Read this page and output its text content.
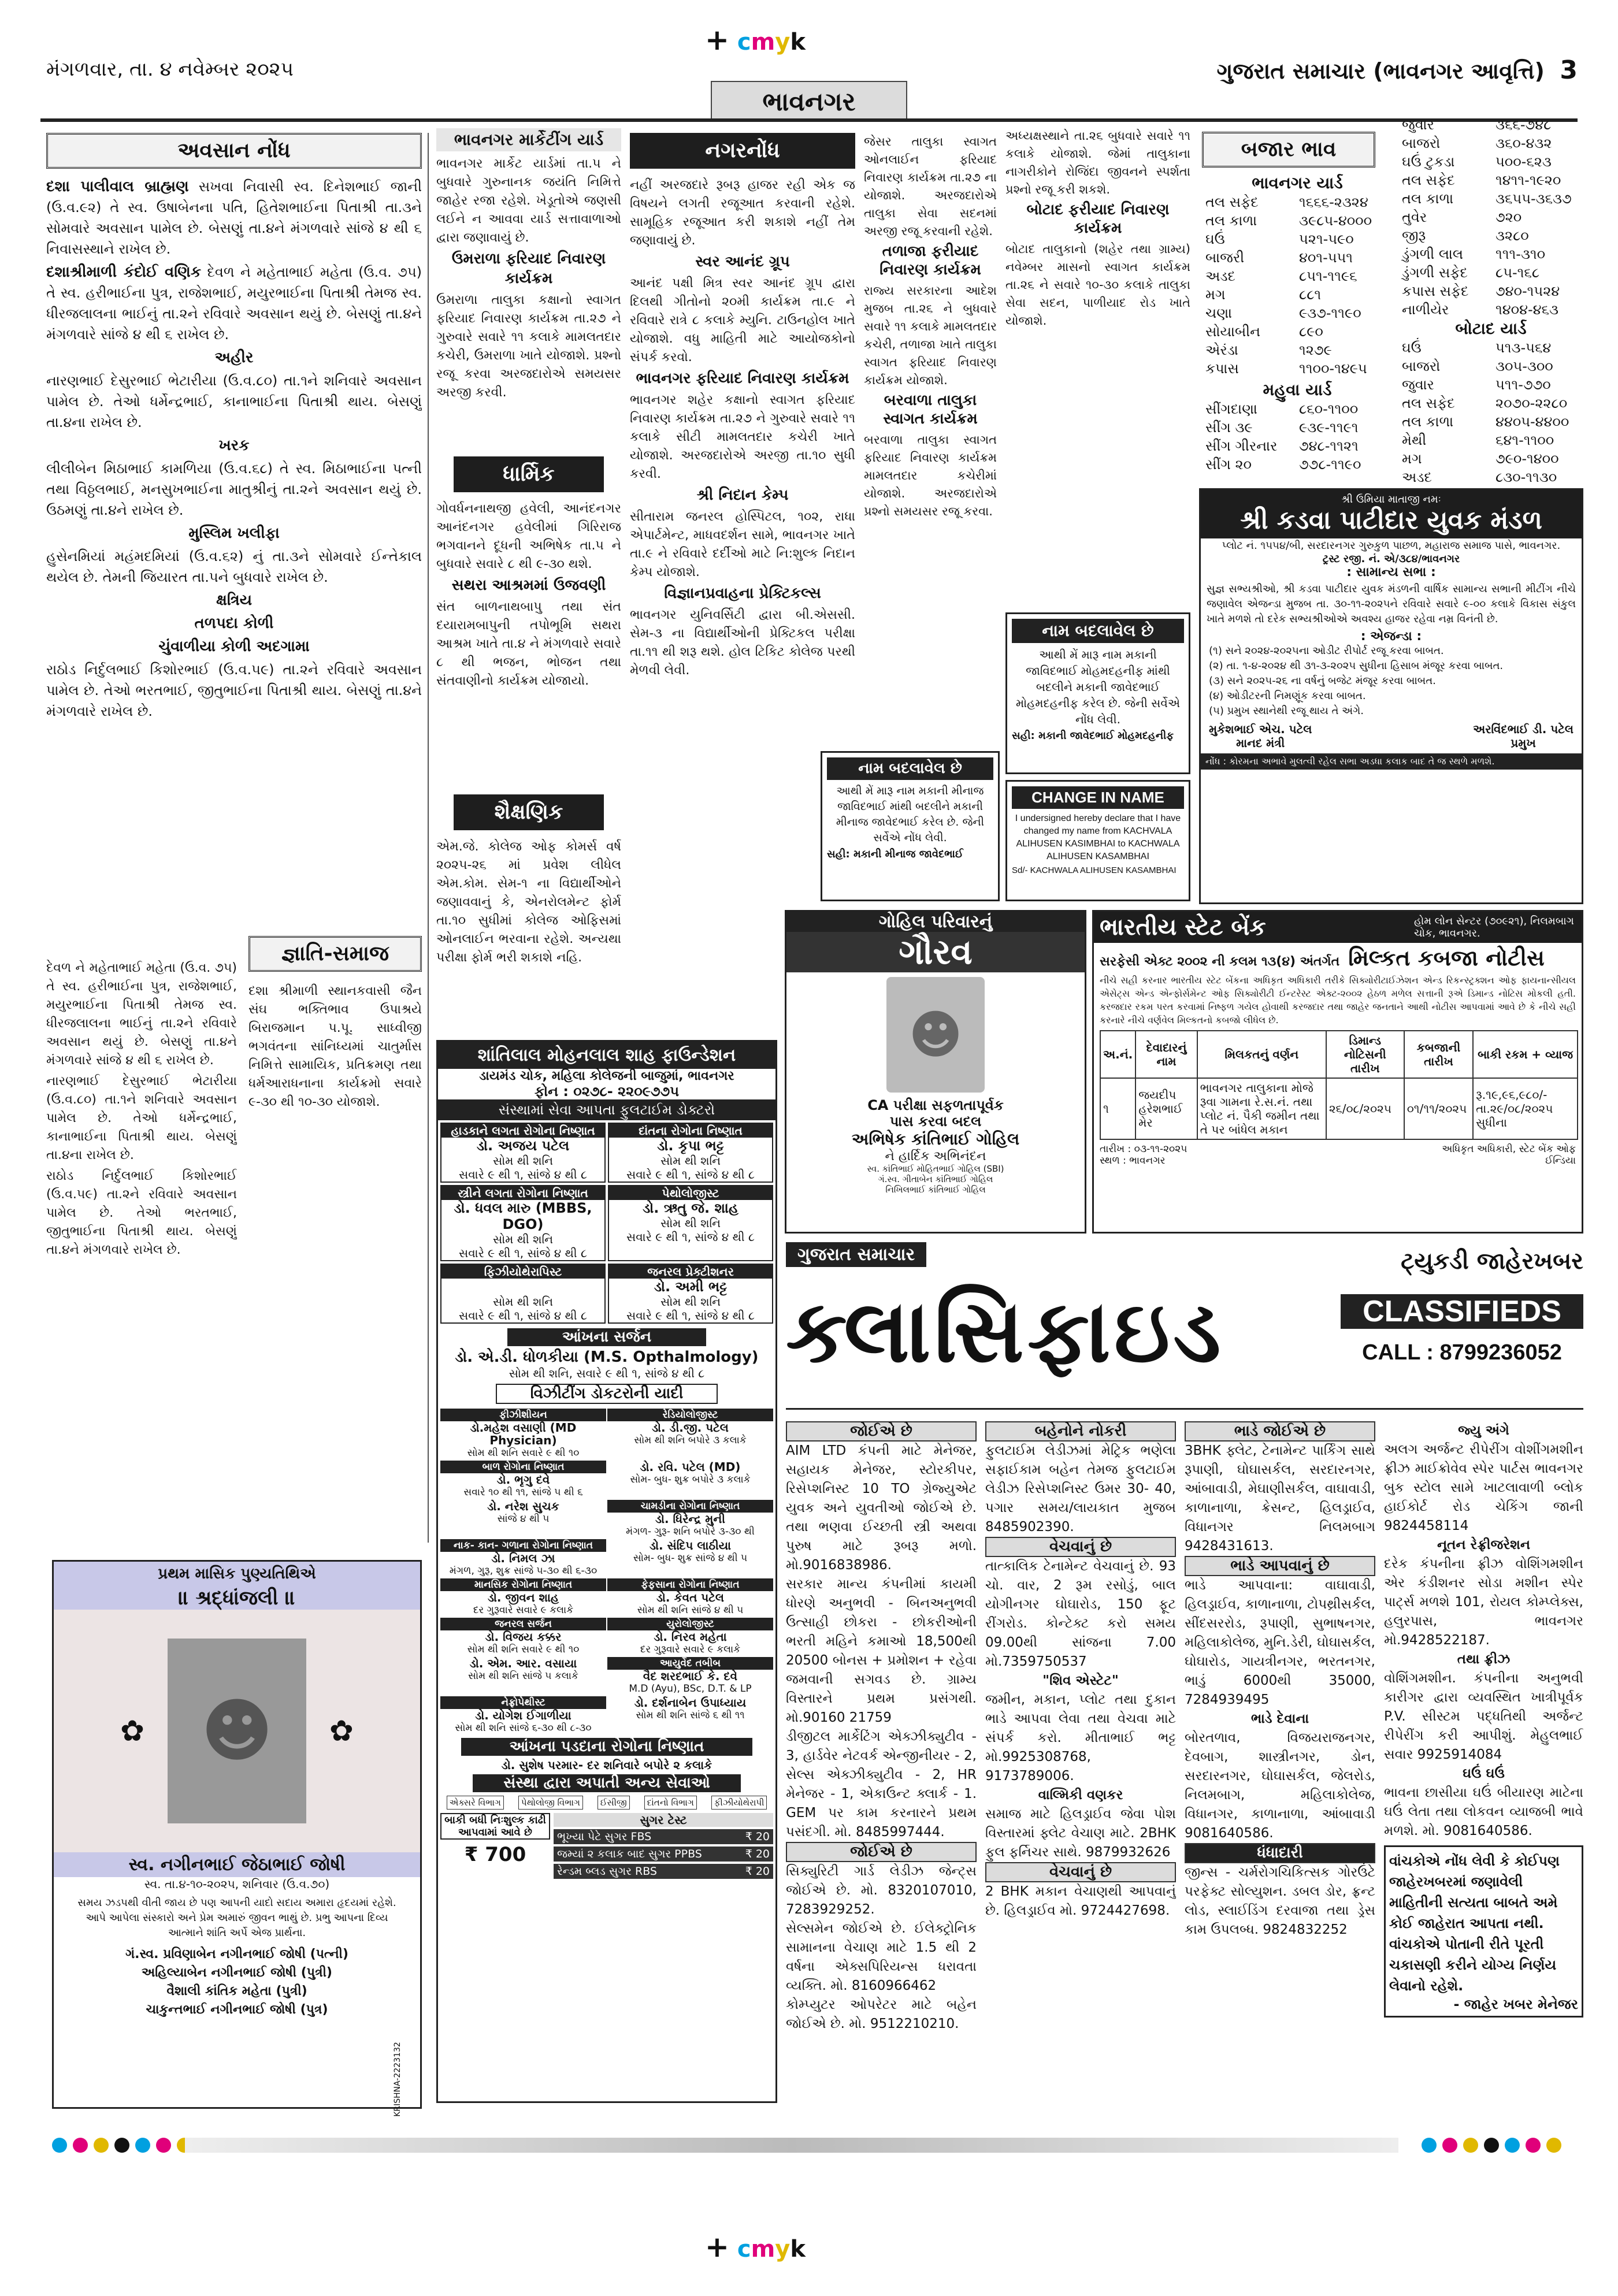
+ cmyk
મંગળવાર, તા. ૪ નવેમ્બર ૨૦૨૫	ગુજરાત સમાચાર (ભાવનગર આવૃત્તિ) 3
ભાવનગર
અવસાન નોંધ

દશા પાલીવાલ બ્રાહ્મણ સખવા નિવાસી સ્વ. દિનેશભાઈ જાની (ઉ.વ.૯૨) તે સ્વ. ઉષાબેનના પતિ, હિતેશભાઈના પિતાશ્રી તા.૩ને સોમવારે અવસાન પામેલ છે. બેસણું તા.૪ને મંગળવારે સાંજે ૪ થી ૬ નિવાસસ્થાને રાખેલ છે.

દશાશ્રીમાળી કંદોઈ વણિક દેવળ ને મહેતાભાઈ મહેતા (ઉ.વ. ૭૫) તે સ્વ. હરીભાઈના પુત્ર, રાજેશભાઈ, મયુરભાઈના પિતાશ્રી તેમજ સ્વ. ધીરજલાલના ભાઈનું તા.૨ને રવિવારે અવસાન થયું છે. બેસણું તા.૪ને મંગળવારે સાંજે ૪ થી ૬ રાખેલ છે.

અહીર

નારણભાઈ દેસુરભાઈ ભેટારીયા (ઉ.વ.૮૦) તા.૧ને શનિવારે અવસાન પામેલ છે. તેઓ ધર્મેન્દ્રભાઈ, કાનાભાઈના પિતાશ્રી થાય. બેસણું તા.૪ના રાખેલ છે.

ખરક

લીલીબેન મિઠાભાઈ કામળિયા (ઉ.વ.૬૮) તે સ્વ. મિઠાભાઈના પત્ની તથા વિઠ્ઠલભાઈ, મનસુખભાઈના માતુશ્રીનું તા.૨ને અવસાન થયું છે. ઉઠમણું તા.૪ને રાખેલ છે.

મુસ્લિમ ખલીફા

હુસેનમિયાં મહંમદમિયાં (ઉ.વ.૬૨) નું તા.૩ને સોમવારે ઈન્તેકાલ થયેલ છે. તેમની જિયારત તા.૫ને બુધવારે રાખેલ છે.

ક્ષત્રિય

તળપદા કોળી

ચુંવાળીયા કોળી અદગામા

રાઠોડ નિર્દુલભાઈ કિશોરભાઈ (ઉ.વ.૫૯) તા.૨ને રવિવારે અવસાન પામેલ છે. તેઓ ભરતભાઈ, જીતુભાઈના પિતાશ્રી થાય. બેસણું તા.૪ને મંગળવારે રાખેલ છે.

જ્ઞાતિ-સમાજ

દશા શ્રીમાળી સ્થાનકવાસી જૈન સંઘ ભક્તિભાવ ઉપાશ્રયે બિરાજમાન પ.પૂ. સાધ્વીજી ભગવંતના સાંનિધ્યમાં ચાતુર્માસ નિમિત્તે સામાયિક, પ્રતિક્રમણ તથા ધર્મઆરાધનાના કાર્યક્રમો સવારે ૯-૩૦ થી ૧૦-૩૦ યોજાશે.

દેવળ ને મહેતાભાઈ મહેતા (ઉ.વ. ૭૫) તે સ્વ. હરીભાઈના પુત્ર, રાજેશભાઈ, મયુરભાઈના પિતાશ્રી તેમજ સ્વ. ધીરજલાલના ભાઈનું તા.૨ને રવિવારે અવસાન થયું છે. બેસણું તા.૪ને મંગળવારે સાંજે ૪ થી ૬ રાખેલ છે.

નારણભાઈ દેસુરભાઈ ભેટારીયા (ઉ.વ.૮૦) તા.૧ને શનિવારે અવસાન પામેલ છે. તેઓ ધર્મેન્દ્રભાઈ, કાનાભાઈના પિતાશ્રી થાય. બેસણું તા.૪ના રાખેલ છે.

રાઠોડ નિર્દુલભાઈ કિશોરભાઈ (ઉ.વ.૫૯) તા.૨ને રવિવારે અવસાન પામેલ છે. તેઓ ભરતભાઈ, જીતુભાઈના પિતાશ્રી થાય. બેસણું તા.૪ને મંગળવારે રાખેલ છે.

ભાવનગર માર્કેટીંગ યાર્ડ

ભાવનગર માર્કેટ યાર્ડમાં તા.૫ ને બુધવારે ગુરુનાનક જયંતિ નિમિત્તે જાહેર રજા રહેશે. ખેડૂતોએ જણસી લઈને ન આવવા યાર્ડ સત્તાવાળાઓ દ્વારા જણાવાયું છે.

ઉમરાળા ફરિયાદ નિવારણ કાર્યક્રમ

ઉમરાળા તાલુકા કક્ષાનો સ્વાગત ફરિયાદ નિવારણ કાર્યક્રમ તા.૨૭ ને ગુરુવારે સવારે ૧૧ કલાકે મામલતદાર કચેરી, ઉમરાળા ખાતે યોજાશે. પ્રશ્નો રજૂ કરવા અરજદારોએ સમયસર અરજી કરવી.

ધાર્મિક

ગોવર્ધનનાથજી હવેલી, આનંદનગર આનંદનગર હવેલીમાં ગિરિરાજ ભગવાનને દૂધની અભિષેક તા.૫ ને બુધવારે સવારે ૮ થી ૯-૩૦ થશે.

સથરા આશ્રમમાં ઉજવણી

સંત બાળનાથબાપુ તથા સંત દયારામબાપુની તપોભૂમિ સથરા આશ્રમ ખાતે તા.૪ ને મંગળવારે સવારે ૮ થી ભજન, ભોજન તથા સંતવાણીનો કાર્યક્રમ યોજાયો.

શૈક્ષણિક

એમ.જે. કોલેજ ઓફ કોમર્સ વર્ષ ૨૦૨૫-૨૬ માં પ્રવેશ લીધેલ એમ.કોમ. સેમ-૧ ના વિદ્યાર્થીઓને જણાવવાનું કે, એનરોલમેન્ટ ફોર્મ તા.૧૦ સુધીમાં કોલેજ ઓફિસમાં ઓનલાઈન ભરવાના રહેશે. અન્યથા પરીક્ષા ફોર્મ ભરી શકાશે નહિ.

નગરનોંધ

નહીં અરજદારે રૂબરૂ હાજર રહી એક જ વિષયને લગતી રજૂઆત કરવાની રહેશે. સામૂહિક રજૂઆત કરી શકાશે નહીં તેમ જણાવાયું છે.

સ્વર આનંદ ગ્રૂપ

આનંદ પક્ષી મિત્ર સ્વર આનંદ ગ્રૂપ દ્વારા દિલથી ગીતોનો ૨૦મી કાર્યક્રમ તા.૯ ને રવિવારે રાત્રે ૮ કલાકે મ્યુનિ. ટાઉનહોલ ખાતે યોજાશે. વધુ માહિતી માટે આયોજકોનો સંપર્ક કરવો.

ભાવનગર ફરિયાદ નિવારણ કાર્યક્રમ

ભાવનગર શહેર કક્ષાનો સ્વાગત ફરિયાદ નિવારણ કાર્યક્રમ તા.૨૭ ને ગુરુવારે સવારે ૧૧ કલાકે સીટી મામલતદાર કચેરી ખાતે યોજાશે. અરજદારોએ અરજી તા.૧૦ સુધી કરવી.

શ્રી નિદાન કેમ્પ

સીતારામ જનરલ હોસ્પિટલ, ૧૦૨, રાધા એપાર્ટમેન્ટ, માધવદર્શન સામે, ભાવનગર ખાતે તા.૯ ને રવિવારે દર્દીઓ માટે નિ:શુલ્ક નિદાન કેમ્પ યોજાશે.

વિજ્ઞાનપ્રવાહના પ્રેક્ટિકલ્સ

ભાવનગર યુનિવર્સિટી દ્વારા બી.એસસી. સેમ-૩ ના વિદ્યાર્થીઓની પ્રેક્ટિકલ પરીક્ષા તા.૧૧ થી શરૂ થશે. હોલ ટિકિટ કોલેજ પરથી મેળવી લેવી.

જેસર તાલુકા સ્વાગત ઓનલાઈન ફરિયાદ નિવારણ કાર્યક્રમ તા.૨૭ ના યોજાશે. અરજદારોએ તાલુકા સેવા સદનમાં અરજી રજૂ કરવાની રહેશે.

તળાજા ફરીયાદ નિવારણ કાર્યક્રમ

રાજ્ય સરકારના આદેશ મુજબ તા.૨૬ ને બુધવારે સવારે ૧૧ કલાકે મામલતદાર કચેરી, તળાજા ખાતે તાલુકા સ્વાગત ફરિયાદ નિવારણ કાર્યક્રમ યોજાશે.

બરવાળા તાલુકા સ્વાગત કાર્યક્રમ

બરવાળા તાલુકા સ્વાગત ફરિયાદ નિવારણ કાર્યક્રમ મામલતદાર કચેરીમાં યોજાશે. અરજદારોએ પ્રશ્નો સમયસર રજૂ કરવા.

અધ્યક્ષસ્થાને તા.૨૬ બુધવારે સવારે ૧૧ કલાકે યોજાશે. જેમાં તાલુકાના નાગરીકોને રોજિંદા જીવનને સ્પર્શતા પ્રશ્નો રજૂ કરી શકશે.

બોટાદ ફરીયાદ નિવારણ કાર્યક્રમ

બોટાદ તાલુકાનો (શહેર તથા ગ્રામ્ય) નવેમ્બર માસનો સ્વાગત કાર્યક્રમ તા.૨૬ ને સવારે ૧૦-૩૦ કલાકે તાલુકા સેવા સદન, પાળીયાદ રોડ ખાતે યોજાશે.

નામ બદલાવેલ છે
આથી મેં મારૂ નામ મકાની જાવિદભાઈ મોહમદહનીફ માંથી બદલીને મકાની જાવેદભાઈ મોહમદહનીફ કરેલ છે. જેની સર્વેએ નોંધ લેવી.
સહી: મકાની જાવેદભાઈ મોહમદહનીફ
નામ બદલાવેલ છે
આથી મેં મારૂ નામ મકાની મીનાજ જાવિદભાઈ માંથી બદલીને મકાની મીનાજ જાવેદભાઈ કરેલ છે. જેની સર્વેએ નોંધ લેવી.
સહી: મકાની મીનાજ જાવેદભાઈ
CHANGE IN NAME
I undersigned hereby declare that I have changed my name from KACHVALA ALIHUSEN KASIMBHAI to KACHWALA ALIHUSEN KASAMBHAI
Sd/- KACHWALA ALIHUSEN KASAMBHAI
બજાર ભાવ
ભાવનગર યાર્ડ
તલ સફેદ	૧૬૬૬-૨૩૨૪
તલ કાળા	૩૯૮૫-૪૦૦૦
ઘઉં	૫૨૧-૫૯૦
બાજરી	૪૦૧-૫૫૧
અડદ	૮૫૧-૧૧૯૬
મગ	૮૮૧
ચણા	૯૩૭-૧૧૯૦
સોયાબીન	૮૯૦
એરંડા	૧૨૭૯
કપાસ	૧૧૦૦-૧૪૯૫
મહુવા યાર્ડ
સીંગદાણા	૮૬૦-૧૧૦૦
સીંગ ૩૯	૯૩૯-૧૧૯૧
સીંગ ગીરનાર	૭૪૮-૧૧૨૧
સીંગ ૨૦	૭૭૮-૧૧૯૦

જુવાર	૩૬૬-૭૪૮
બાજરો	૩૬૦-૪૩૨
ઘઉં ટુકડા	૫૦૦-૬૨૩
તલ સફેદ	૧૪૧૧-૧૯૨૦
તલ કાળા	૩૬૫૫-૩૬૩૭
તુવેર	૭૨૦
જીરૂ	૩૨૮૦
ડુંગળી લાલ	૧૧૧-૩૧૦
ડુંગળી સફેદ	૮૫-૧૬૮
કપાસ સફેદ	૭૪૦-૧૫૨૪
નાળીયેર	૧૪૦૪-૪૬૩
બોટાદ યાર્ડ
ઘઉં	૫૧૩-૫૬૪
બાજરો	૩૦૫-૩૦૦
જુવાર	૫૧૧-૭૭૦
તલ સફેદ	૨૦૭૦-૨૨૮૦
તલ કાળા	૪૪૦૫-૪૪૦૦
મેથી	૬૪૧-૧૧૦૦
મગ	૭૯૦-૧૪૦૦
અડદ	૮૩૦-૧૧૩૦

શ્રી ઉમિયા માતાજી નમઃ
શ્રી કડવા પાટીદાર યુવક મંડળ
પ્લોટ નં. ૧૫૫૪/બી, સરદારનગર ગુરુકુળ પાછળ, મહારાજ સમાજ પાસે, ભાવનગર.
ટ્રસ્ટ રજી. નં. એ/૩૮૪/ભાવનગર
: સામાન્ય સભા :
સુજ્ઞ સભ્યશ્રીઓ, શ્રી કડવા પાટીદાર યુવક મંડળની વાર્ષિક સામાન્ય સભાની મીટીંગ નીચે જણાવેલ એજન્ડા મુજબ તા. ૩૦-૧૧-૨૦૨૫ને રવિવારે સવારે ૯-૦૦ કલાકે વિકાસ સંકુલ ખાતે મળશે તો દરેક સભ્યશ્રીઓએ અવશ્ય હાજર રહેવા નમ્ર વિનંતી છે.
: એજન્ડા :
(૧) સને ૨૦૨૪-૨૦૨૫ના ઓડીટ રીપોર્ટ રજૂ કરવા બાબત.
(૨) તા. ૧-૪-૨૦૨૪ થી ૩૧-૩-૨૦૨૫ સુધીના હિસાબ મંજૂર કરવા બાબત.
(૩) સને ૨૦૨૫-૨૬ ના વર્ષનું બજેટ મંજૂર કરવા બાબત.
(૪) ઓડીટરની નિમણૂંક કરવા બાબત.
(૫) પ્રમુખ સ્થાનેથી રજૂ થાય તે અંગે.
મુકેશભાઈ એચ. પટેલ
માનદ મંત્રી
અરવિંદભાઈ ડી. પટેલ
પ્રમુખ
નોંધ : કોરમના અભાવે મુલત્વી રહેલ સભા અડધા કલાક બાદ તે જ સ્થળે મળશે.
ગોહિલ પરિવારનું
ગૌરવ
☻
CA પરીક્ષા સફળતાપૂર્વક
પાસ કરવા બદલ
અભિષેક કાંતિભાઈ ગોહિલ
ને હાર્દિક અભિનંદન
સ્વ. કાંતિભાઈ મોહિતભાઈ ગોહિલ (SBI)
ગં.સ્વ. ગીતાબેન કાંતિભાઈ ગોહિલ
નિખિલભાઈ કાંતિભાઈ ગોહિલ
ભારતીય સ્ટેટ બેંક	હોમ લોન સેન્ટર (૭૦૯૨૧), નિલમબાગ ચોક, ભાવનગર.
સરફેસી એક્ટ ૨૦૦૨ ની કલમ ૧૩(૪) અંતર્ગત મિલ્કત કબજા નોટીસ
નીચે સહી કરનાર ભારતીય સ્ટેટ બેંકના અધિકૃત અધિકારી તરીકે સિક્યોરીટાઈઝેશન એન્ડ રિકન્સ્ટ્રક્શન ઓફ ફાયનાન્સીયલ એસેટ્સ એન્ડ એન્ફોર્સમેન્ટ ઓફ સિક્યોરીટી ઈન્ટરેસ્ટ એક્ટ-૨૦૦૨ હેઠળ મળેલ સત્તાની રૂએ ડિમાન્ડ નોટિસ મોકલી હતી. કરજદાર રકમ પરત કરવામાં નિષ્ફળ ગયેલ હોવાથી કરજદાર તથા જાહેર જનતાને આથી નોટીસ આપવામાં આવે છે કે નીચે સહી કરનારે નીચે વર્ણવેલ મિલ્કતનો કબજો લીધેલ છે.
અ.નં.	દેવાદારનું નામ	મિલકતનું વર્ણન	ડિમાન્ડ નોટિસની તારીખ	કબજાની તારીખ	બાકી રકમ + વ્યાજ
૧	જયદીપ હરેશભાઈ મેર	ભાવનગર તાલુકાના મોજે રૂવા ગામના રે.સ.નં. તથા પ્લોટ નં. પૈકી જમીન તથા તે પર બાંધેલ મકાન	૨૬/૦૮/૨૦૨૫	૦૧/૧૧/૨૦૨૫	રૂ.૧૯,૯૬,૯૮૦/- તા.૨૯/૦૮/૨૦૨૫ સુધીના
તારીખ : ૦૩-૧૧-૨૦૨૫
સ્થળ : ભાવનગર
અધિકૃત અધિકારી, સ્ટેટ બેંક ઓફ ઈન્ડિયા
શાંતિલાલ મોહનલાલ શાહ ફાઉન્ડેશન
ડાયમંડ ચોક, મહિલા કોલેજની બાજુમાં, ભાવનગર
ફોન : ૦૨૭૮- ૨૨૦૯૭૭૫
સંસ્થામાં સેવા આપતા ફુલટાઈમ ડોક્ટરો
હાડકાને લગતા રોગોના નિષ્ણાત
ડો. અજય પટેલ
સોમ થી શનિ
સવારે ૯ થી ૧, સાંજે ૪ થી ૮
દાંતના રોગોના નિષ્ણાત
ડો. કૃપા ભટ્ટ
સોમ થી શનિ
સવારે ૯ થી ૧, સાંજે ૪ થી ૮
સ્ત્રીને લગતા રોગોના નિષ્ણાત
ડો. ધવલ મારુ (MBBS, DGO)
સોમ થી શનિ
સવારે ૯ થી ૧, સાંજે ૪ થી ૮
પેથોલોજીસ્ટ
ડો. ઋતુ જે. શાહ
સોમ થી શનિ
સવારે ૯ થી ૧, સાંજે ૪ થી ૮
ફિઝીયોથેરાપિસ્ટ
સોમ થી શનિ
સવારે ૯ થી ૧, સાંજે ૪ થી ૮
જનરલ પ્રેક્ટીશનર
ડો. અમી ભટ્ટ
સોમ થી શનિ
સવારે ૯ થી ૧, સાંજે ૪ થી ૮
આંખના સર્જન
ડો. એ.ડી. ધોળકીયા (M.S. Opthalmology)
સોમ થી શનિ, સવારે ૯ થી ૧, સાંજે ૪ થી ૮
વિઝીટીંગ ડોકટરોની યાદી
ફીઝીશીયન
ડો.મહેશ વસાણી (MD Physician)
સોમ થી શનિ સવારે ૯ થી ૧૦
રેડિયોલોજીસ્ટ
ડો. ડી.જી. પટેલ
સોમ થી શનિ બપોરે ૩ કલાકે
બાળ રોગોના નિષ્ણાત
ડો. ભૃગુ દવે
સવારે ૧૦ થી ૧૧, સાંજે ૫ થી ૬
ડો. રવિ. પટેલ (MD)
સોમ- બુધ- શુક્ર બપોરે ૩ કલાકે
ડો. નરેશ સુચક
સાંજે ૪ થી ૫
ચામડીના રોગોના નિષ્ણાત
ડો. ધિરેન્દ્ર મુની
મંગળ- ગુરૂ- શનિ બપોરે ૩-૩૦ થી
નાક- કાન- ગળાના રોગોના નિષ્ણાત
ડો. નિમલ ઝા
મંગળ, ગુરૂ, શુક્ર સાંજે ૫-૩૦ થી ૬-૩૦
ડો. સંદિપ લાઠીયા
સોમ- બુધ- શુક્ર સાંજે ૪ થી ૫
માનસિક રોગોના નિષ્ણાત
ડો. જીવન શાહ
દર ગુરૂવારે સવારે ૯ કલાકે
ફેફસાના રોગોના નિષ્ણાત
ડો. કેવત પટેલ
સોમ થી શનિ સાંજે ૪ થી ૫
જનરલ સર્જન
ડો. વિજય કક્કર
સોમ થી શનિ સવારે ૯ થી ૧૦
યુરોલોજીસ્ટ
ડો. નિરવ મહેતા
દર ગુરૂવારે સવારે ૯ કલાકે
ડો. એમ. આર. વસાયા
સોમ થી શનિ સાંજે ૫ કલાકે
આયુર્વેદ તબીબ
વૈદ શરદભાઈ કે. દવે
M.D (Ayu), BSc, D.T. & LP
નેફ્રોપેથીસ્ટ
ડો. યોગેશ ઈગાળીયા
સોમ થી શનિ સાંજે ૬-૩૦ થી ૮-૩૦
ડો. દર્શનાબેન ઉપાધ્યાય
સોમ થી શનિ સાંજે ૬ થી ૧૧
આંખના પડદાના રોગોના નિષ્ણાત
ડો. સુશેષ પરમાર- દર શનિવારે બપોરે ૨ કલાકે
સંસ્થા દ્વારા અપાતી અન્ય સેવાઓ
એક્સરે વિભાગ	પેથોલોજી વિભાગ	ઈસીજી	દાંતનો વિભાગ	ફીઝીયોથેરાપી
બાકી બધી નિઃશુલ્ક કાઢી આપવામાં આવે છે
₹ 700
સુગર ટેસ્ટ
ભૂખ્યા પેટે સુગર FBS	₹ 20
જમ્યાં ૨ કલાક બાદ સુગર PPBS	₹ 20
રેન્ડમ બ્લડ સુગર RBS	₹ 20
પ્રથમ માસિક પુણ્યતિથિએ
॥ શ્રદ્ધાંજલી ॥
✿ ☻	✿
સ્વ. નગીનભાઈ જેઠાભાઈ જોષી
સ્વ. તા.૪-૧૦-૨૦૨૫, શનિવાર (ઉ.વ.૭૦)
સમય ઝડપથી વીતી જાય છે પણ આપની યાદો સદાય અમારા હૃદયમાં રહેશે. આપે આપેલા સંસ્કારો અને પ્રેમ અમારું જીવન ભાથું છે. પ્રભુ આપના દિવ્ય આત્માને શાંતિ અર્પે એજ પ્રાર્થના.
ગં.સ્વ. પ્રવિણાબેન નગીનભાઈ જોષી (પત્ની)
અહિલ્યાબેન નગીનભાઈ જોષી (પુત્રી)
વૈશાલી કાંતિક મહેતા (પુત્રી)
ચાકુન્તભાઈ નગીનભાઈ જોષી (પુત્ર)
KRISHNA-2223132
ગુજરાત સમાચાર
ક્લાસિફાઇડ
ટ્યુકડી જાહેરખબર
CLASSIFIEDS
CALL : 8799236052
જોઈએ છે
AIM LTD કંપની માટે મેનેજર, સહાયક મેનેજર, સ્ટોરકીપર, રિસેપ્શનિસ્ટ 10 TO ગ્રેજ્યુએટ યુવક અને યુવતીઓ જોઈએ છે. તથા ભણવા ઈચ્છતી સ્ત્રી અથવા પુરુષ માટે રૂબરૂ મળો. મો.9016838986.
સરકાર માન્ય કંપનીમાં કાયમી ધોરણે અનુભવી - બિનઅનુભવી ઉત્સાહી છોકરા - છોકરીઓની ભરતી મહિને કમાઓ 18,500થી 20500 બોનસ + પ્રમોશન + રહેવા જમવાની સગવડ છે. ગ્રામ્ય વિસ્તારને પ્રથમ પ્રસંગથી. મો.90160 21759
ડીજીટલ માર્કેટિંગ એક્ઝીક્યુટીવ - 3, હાર્ડવેર નેટવર્ક એન્જીનીયર - 2, સેલ્સ એક્ઝીક્યુટીવ - 2, HR મેનેજર - 1, એકાઉન્ટ ક્લાર્ક - 1. GEM પર કામ કરનારને પ્રથમ પસંદગી. મો. 8485997444.
જોઈએ છે
સિક્યુરિટી ગાર્ડ લેડીઝ જેન્ટ્સ જોઈએ છે. મો. 8320107010, 7283929252.
સેલ્સમેન જોઈએ છે. ઈલેક્ટ્રોનિક સામાનના વેચાણ માટે 1.5 થી 2 વર્ષના એક્સપિરિયન્સ ધરાવતા વ્યક્તિ. મો. 8160966462
કોમ્પ્યુટર ઓપરેટર માટે બહેન જોઈએ છે. મો. 9512210210.
બહેનોને નોકરી
ફુલટાઈમ લેડીઝમાં મેટ્રિક ભણેલા સફાઈકામ બહેન તેમજ ફુલટાઈમ લેડીઝ રિસેપ્શનિસ્ટ ઉમર 30- 40, પગાર સમય/લાયકાત મુજબ 8485902390.
વેચવાનું છે
તાત્કાલિક ટેનામેન્ટ વેચવાનું છે. 93 ચો. વાર, 2 રૂમ રસોડું, બાલ યોગીનગર ઘોઘારોડ, 150 ફૂટ રીંગરોડ. કોન્ટેક્ટ કરો સમય 09.00થી સાંજના 7.00 મો.7359750537
"શિવ એસ્ટેટ"
જમીન, મકાન, પ્લોટ તથા દુકાન ભાડે આપવા લેવા તથા વેચવા માટે સંપર્ક કરો. મીતાભાઈ ભટ્ટ મો.9925308768, 9173789006.
વાલ્મિકી વણકર
સમાજ માટે હિલડ્રાઈવ જેવા પોશ વિસ્તારમાં ફ્લેટ વેચાણ માટે. 2BHK ફુલ ફર્નિચર સાથે. 9879932626
વેચવાનું છે
2 BHK મકાન વેચાણથી આપવાનું છે. હિલડ્રાઈવ મો. 9724427698.
ભાડે જોઈએ છે
3BHK ફ્લેટ, ટેનામેન્ટ પાર્કિંગ સાથે રૂપાણી, ઘોઘાસર્કલ, સરદારનગર, આંબાવાડી, મેઘાણીસર્કલ, વાઘાવાડી, કાળાનાળા, ક્રેસન્ટ, હિલડ્રાઈવ, વિધાનગર નિલમબાગ 9428431613.
ભાડે આપવાનું છે
ભાડે આપવાના: વાઘાવાડી, હિલડ્રાઈવ, કાળાનાળા, ટોપથ્રીસર્કલ, સીંદસરરોડ, રૂપાણી, સુભાષનગર, મહિલાકોલેજ, મુનિ.ડેરી, ઘોઘાસર્કલ, ઘોઘારોડ, ગાયત્રીનગર, ભરતનગર, ભાડું 6000થી 35000, 7284939495
ભાડે દેવાના
બોરતળાવ, વિજયરાજનગર, દેવબાગ, શાસ્ત્રીનગર, ડોન, સરદારનગર, ઘોઘાસર્કલ, જેલરોડ, નિલમબાગ, મહિલાકોલેજ, વિધાનગર, કાળાનાળા, આંબાવાડી 9081640586.
ધંધાદારી
જીન્સ - ચર્મરોગચિકિત્સક ગોરઉંટે પરફેક્ટ સોલ્યુશન. ડબલ ડોર, ફ્રન્ટ લોડ, સ્લાઈડિંગ દરવાજા તથા ડ્રેસ કામ ઉપલબ્ધ. 9824832252
જ્યુ અંગે
અલગ અર્જન્ટ રીપેરીંગ વોશીંગમશીન ફ્રીઝ માઈક્રોવેવ સ્પેર પાર્ટસ ભાવનગર બુક સ્ટોલ સામે ખાટલાવાળી બ્લોક હાઈકોર્ટ રોડ ચેકિંગ જાની 9824458114
નૂતન રેફ્રીજરેશન
દરેક કંપનીના ફ્રીઝ વોશિંગમશીન એર કંડીશનર સોડા મશીન સ્પેર પાર્ટ્સ મળશે 101, રોયલ કોમ્પ્લેક્સ, હલુરપાસ, ભાવનગર મો.9428522187.
તથા ફ્રીઝ
વોશિંગમશીન. કંપનીના અનુભવી કારીગર દ્વારા વ્યવસ્થિત ખાત્રીપૂર્વક P.V. સીસ્ટમ પદ્ધતિથી અર્જન્ટ રીપેરીંગ કરી આપીશું. મેહુલભાઈ સવાર 9925914084
ઘઉં ઘઉં
ભાવના છાસીયા ઘઉં બીયારણ માટેના ઘઉં લેતા તથા લોકવન વ્યાજબી ભાવે મળશે. મો. 9081640586.
વાંચકોએ નોંધ લેવી કે કોઈપણ જાહેરખબરમાં જણાવેલી માહિતીની સત્યતા બાબતે અમે કોઈ જાહેરાત આપતા નથી. વાંચકોએ પોતાની રીતે પૂરતી ચકાસણી કરીને યોગ્ય નિર્ણય લેવાનો રહેશે.
- જાહેર ખબર મેનેજર
+ cmyk
